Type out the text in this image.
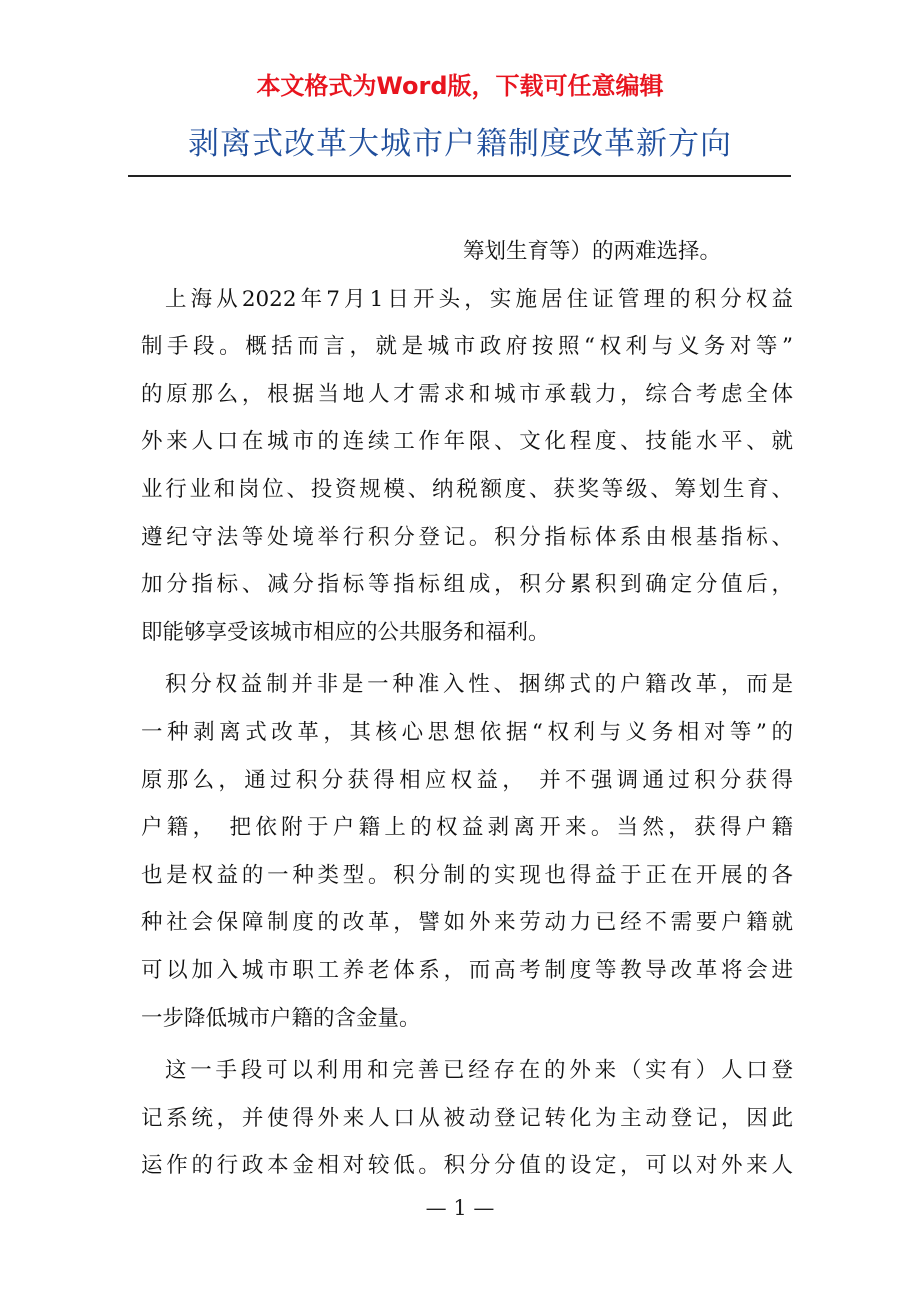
本文格式为Word版，下载可任意编辑
剥离式改革大城市户籍制度改革新方向
筹划生育等）的两难选择。
上海从2022年7月1日开头，实施居住证管理的积分权益
制手段。概括而言，就是城市政府按照“权利与义务对等”
的原那么，根据当地人才需求和城市承载力，综合考虑全体
外来人口在城市的连续工作年限、文化程度、技能水平、就
业行业和岗位、投资规模、纳税额度、获奖等级、筹划生育、
遵纪守法等处境举行积分登记。积分指标体系由根基指标、
加分指标、减分指标等指标组成，积分累积到确定分值后，
即能够享受该城市相应的公共服务和福利。
积分权益制并非是一种准入性、捆绑式的户籍改革，而是
一种剥离式改革，其核心思想依据“权利与义务相对等”的
原那么，通过积分获得相应权益， 并不强调通过积分获得
户籍， 把依附于户籍上的权益剥离开来。当然，获得户籍
也是权益的一种类型。积分制的实现也得益于正在开展的各
种社会保障制度的改革，譬如外来劳动力已经不需要户籍就
可以加入城市职工养老体系，而高考制度等教导改革将会进
一步降低城市户籍的含金量。
这一手段可以利用和完善已经存在的外来（实有）人口登
记系统，并使得外来人口从被动登记转化为主动登记，因此
运作的行政本金相对较低。积分分值的设定，可以对外来人
— 1 —
